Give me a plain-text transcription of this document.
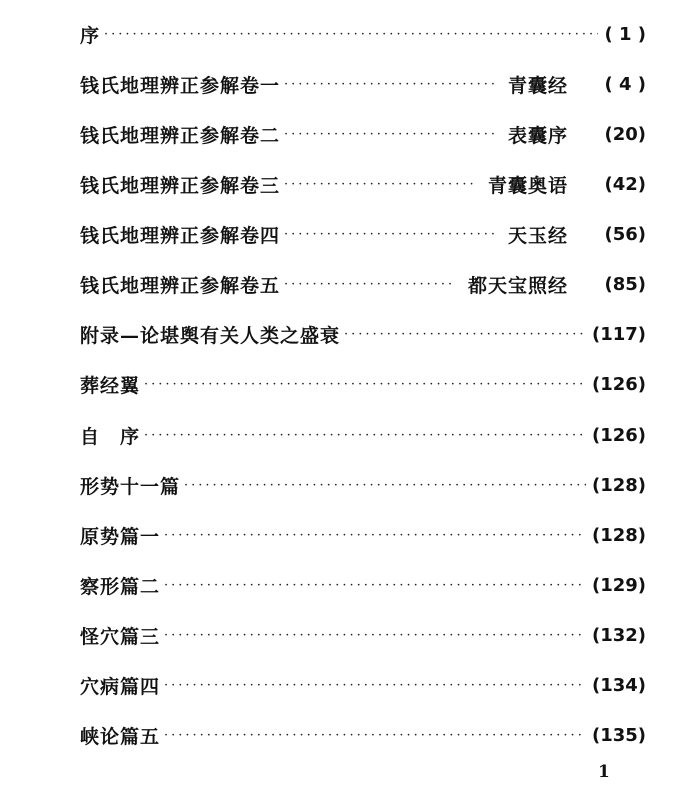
序 ·····	( 1 )
钱氏地理辨正参解卷一 ·····	青囊经	( 4 )
钱氏地理辨正参解卷二 ·····	表囊序	(20)
钱氏地理辨正参解卷三 ·····	青囊奥语	(42)
钱氏地理辨正参解卷四 ·····	天玉经	(56)
钱氏地理辨正参解卷五 ·····	都天宝照经	(85)
附录—论堪舆有关人类之盛衰 ·····	(117)
葬经翼 ·····	(126)
自　序 ·····	(126)
形势十一篇 ·····	(128)
原势篇一 ·····	(128)
察形篇二 ·····	(129)
怪穴篇三 ·····	(132)
穴病篇四 ·····	(134)
峡论篇五 ·····	(135)
1
